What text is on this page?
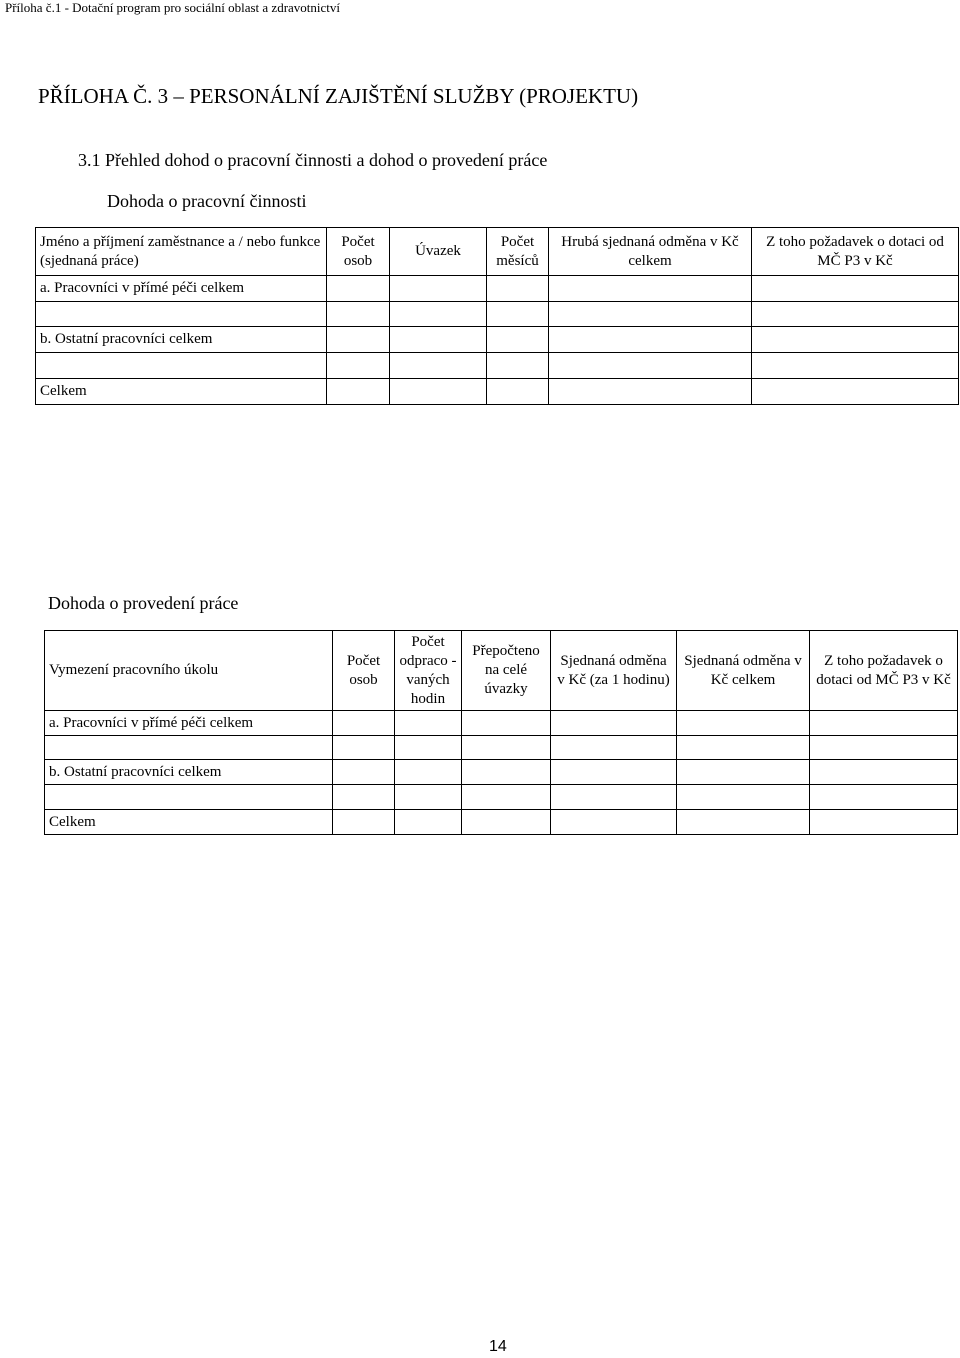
Příloha č.1 - Dotační program pro sociální oblast a zdravotnictví
PŘÍLOHA Č. 3 – PERSONÁLNÍ ZAJIŠTĚNÍ SLUŽBY (PROJEKTU)
3.1 Přehled dohod o pracovní činnosti a dohod o provedení práce
Dohoda o pracovní činnosti
Jméno a příjmení zaměstnance a / nebo funkce (sjednaná práce)	Počet osob	Úvazek	Počet měsíců	Hrubá sjednaná odměna v Kč celkem	Z toho požadavek o dotaci od MČ P3 v Kč
a. Pracovníci v přímé péči celkem					

b. Ostatní pracovníci celkem					

Celkem					
Dohoda o provedení práce
Vymezení pracovního úkolu	Počet osob	Počet odpraco -vaných hodin	Přepočteno na celé úvazky	Sjednaná odměna v Kč (za 1 hodinu)	Sjednaná odměna v Kč celkem	Z toho požadavek o dotaci od MČ P3 v Kč
a. Pracovníci v přímé péči celkem						

b. Ostatní pracovníci celkem						

Celkem						
14
